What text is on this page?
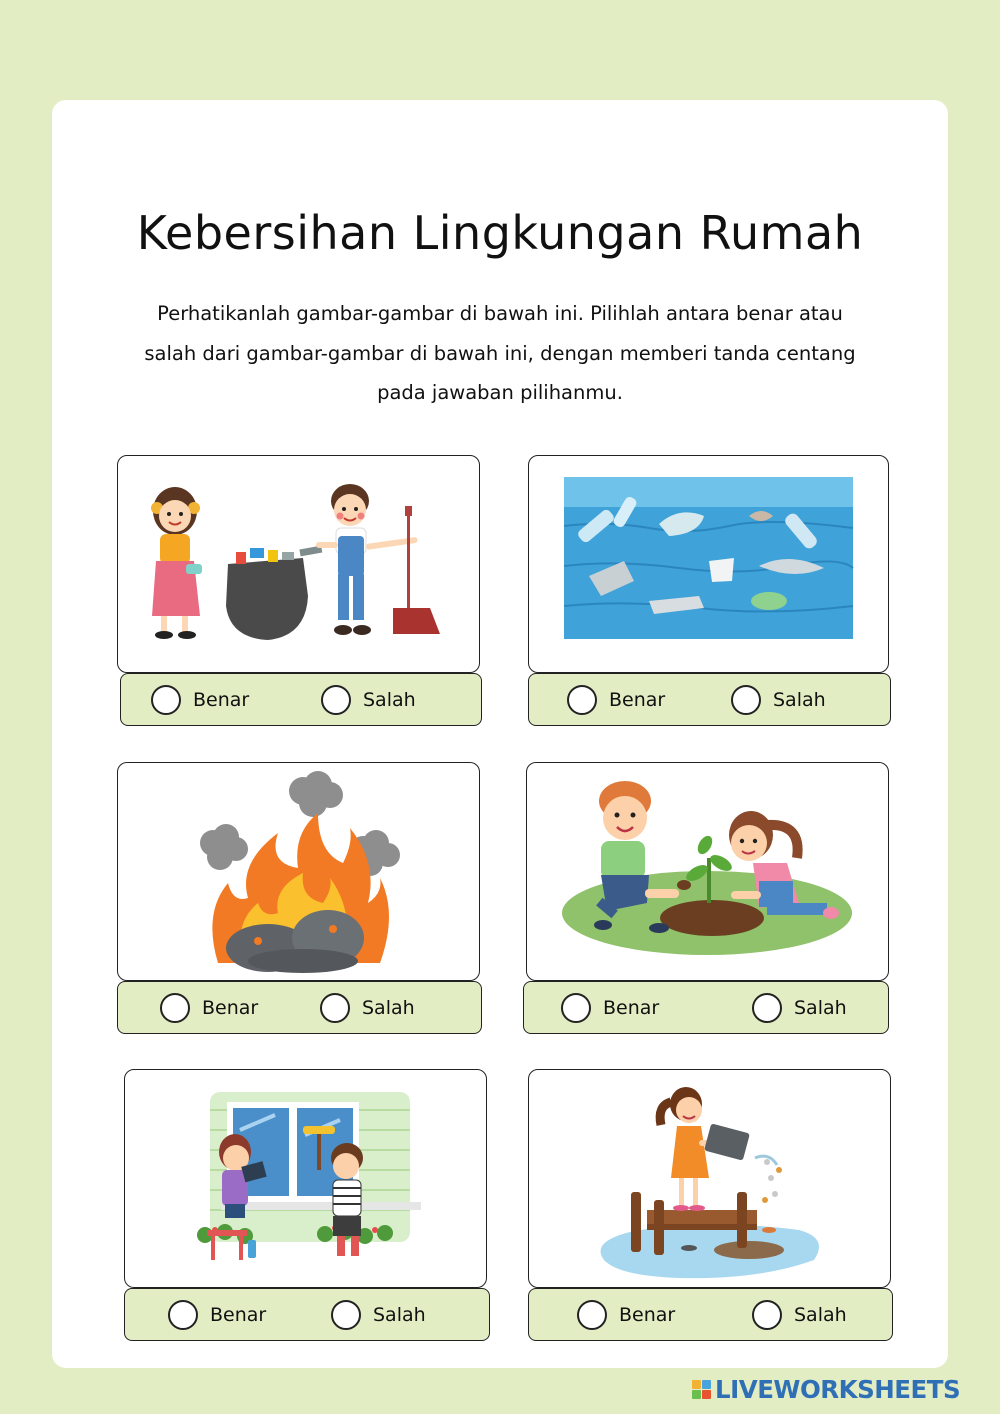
Kebersihan Lingkungan Rumah
Perhatikanlah gambar-gambar di bawah ini. Pilihlah antara benar atau salah dari gambar-gambar di bawah ini, dengan memberi tanda centang pada jawaban pilihanmu.
Benar	Salah	Benar	Salah
Benar	Salah	Benar	Salah
Benar	Salah	Benar	Salah
LIVEWORKSHEETS
